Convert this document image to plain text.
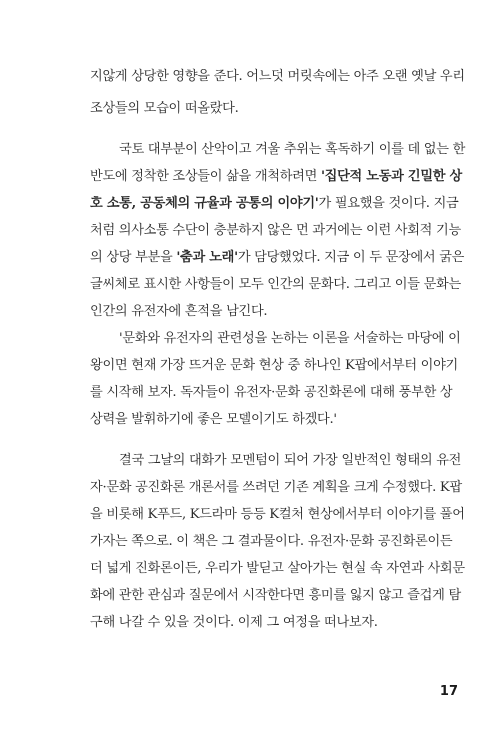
지않게 상당한 영향을 준다. 어느덧 머릿속에는 아주 오랜 옛날 우리
조상들의 모습이 떠올랐다.
국토 대부분이 산악이고 겨울 추위는 혹독하기 이를 데 없는 한
반도에 정착한 조상들이 삶을 개척하려면 '집단적 노동과 긴밀한 상
호 소통, 공동체의 규율과 공통의 이야기'가 필요했을 것이다. 지금
처럼 의사소통 수단이 충분하지 않은 먼 과거에는 이런 사회적 기능
의 상당 부분을 '춤과 노래'가 담당했었다. 지금 이 두 문장에서 굵은
글씨체로 표시한 사항들이 모두 인간의 문화다. 그리고 이들 문화는
인간의 유전자에 흔적을 남긴다.
'문화와 유전자의 관련성을 논하는 이론을 서술하는 마당에 이
왕이면 현재 가장 뜨거운 문화 현상 중 하나인 K팝에서부터 이야기
를 시작해 보자. 독자들이 유전자·문화 공진화론에 대해 풍부한 상
상력을 발휘하기에 좋은 모델이기도 하겠다.'
결국 그날의 대화가 모멘텀이 되어 가장 일반적인 형태의 유전
자·문화 공진화론 개론서를 쓰려던 기존 계획을 크게 수정했다. K팝
을 비롯해 K푸드, K드라마 등등 K컬처 현상에서부터 이야기를 풀어
가자는 쪽으로. 이 책은 그 결과물이다. 유전자·문화 공진화론이든
더 넓게 진화론이든, 우리가 발딛고 살아가는 현실 속 자연과 사회문
화에 관한 관심과 질문에서 시작한다면 흥미를 잃지 않고 즐겁게 탐
구해 나갈 수 있을 것이다. 이제 그 여정을 떠나보자.
17
